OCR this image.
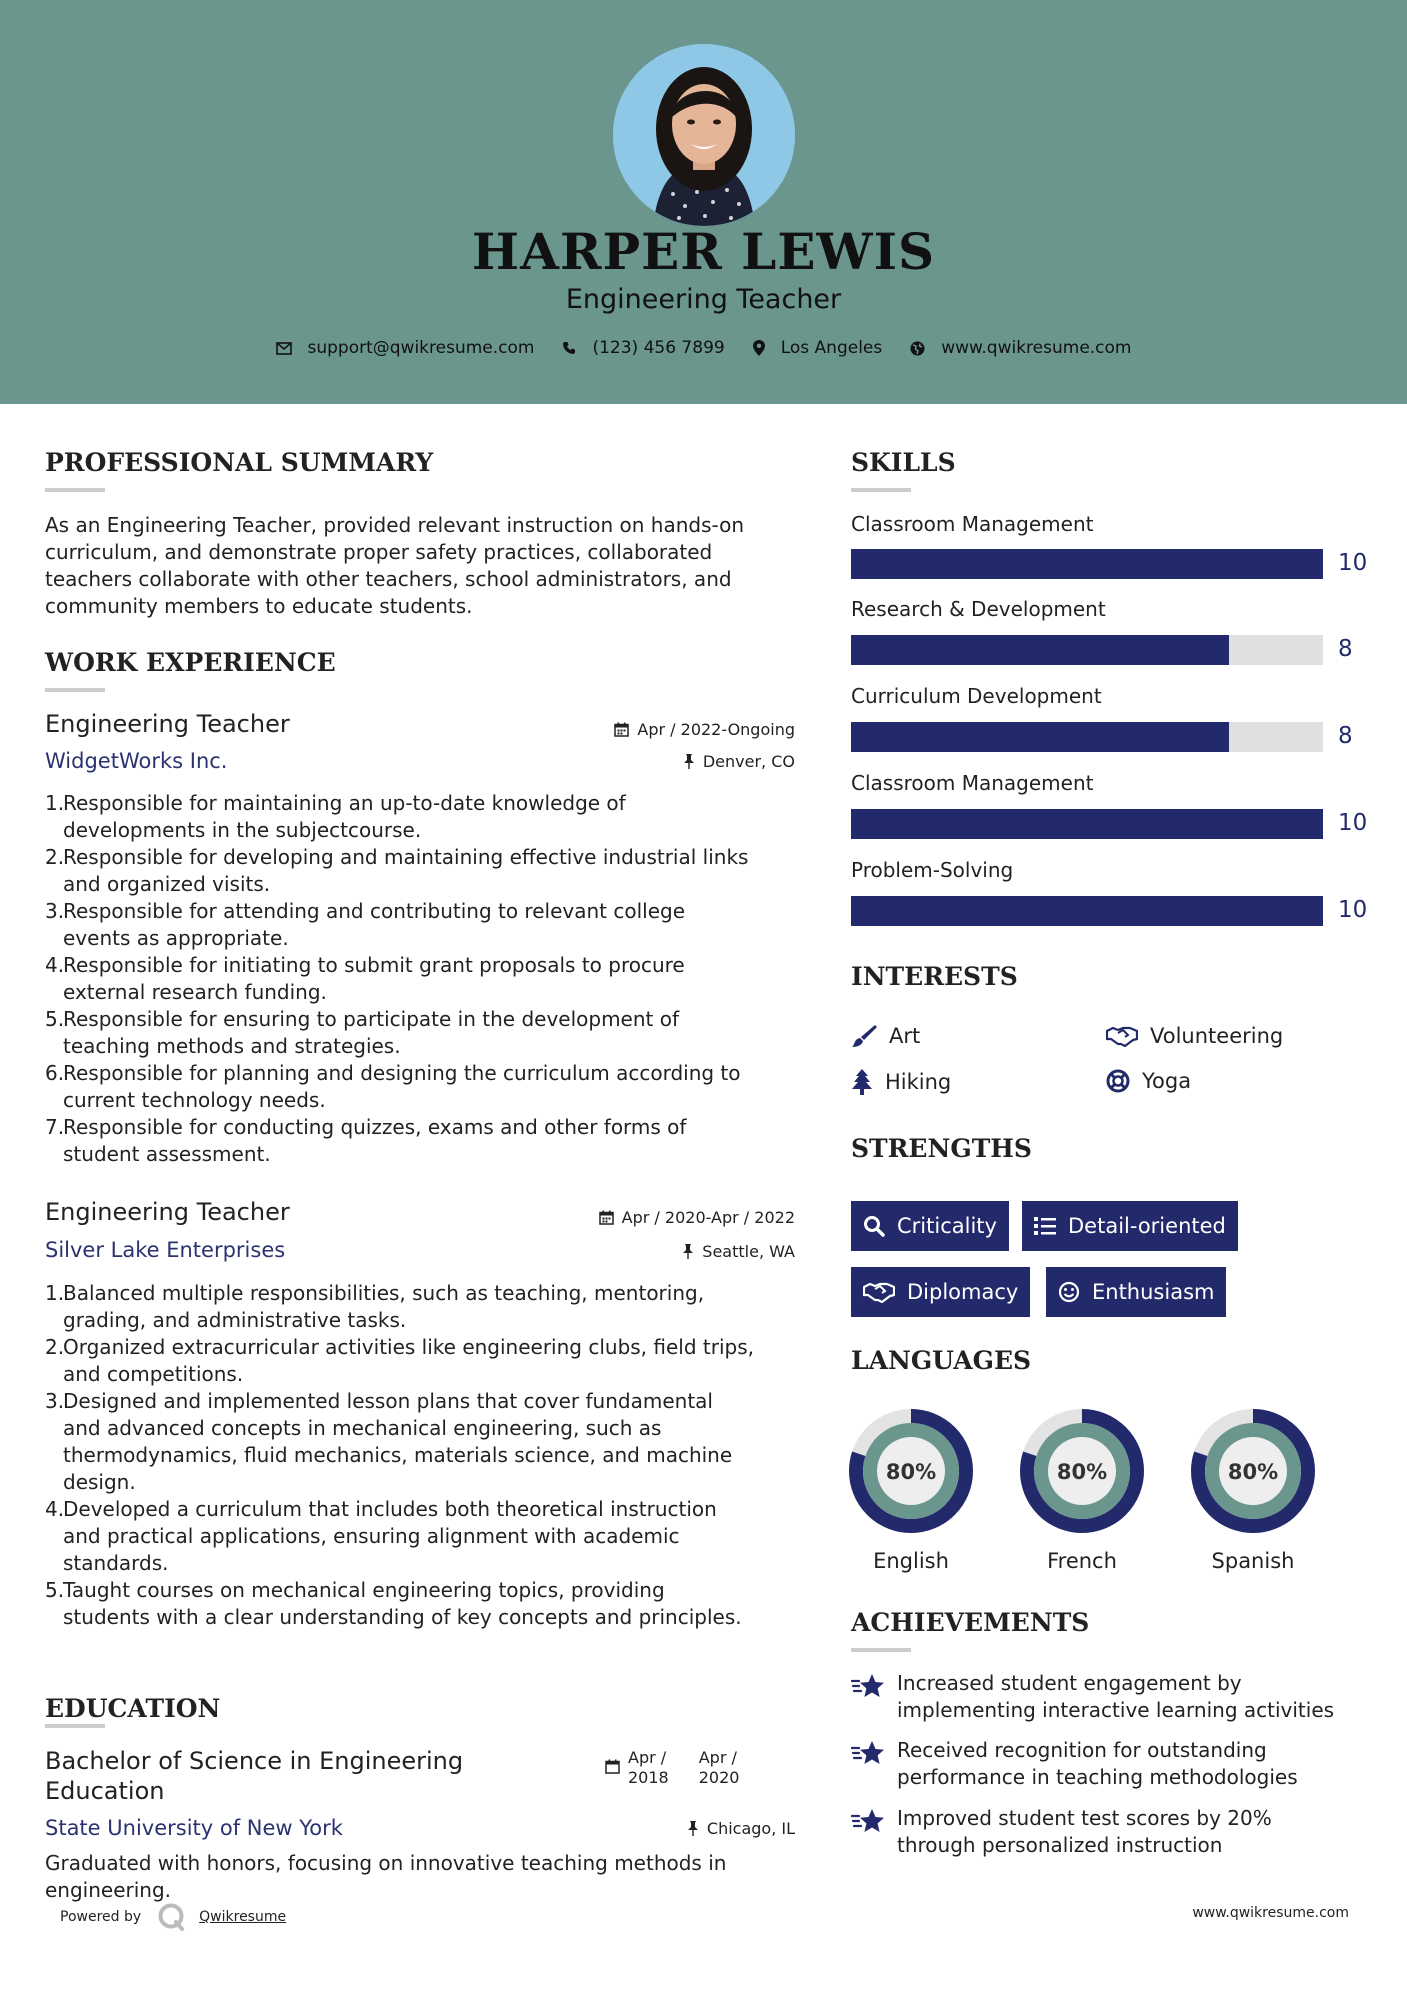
HARPER LEWIS
Engineering Teacher
support@qwikresume.com	(123) 456 7899	Los Angeles	www.qwikresume.com
PROFESSIONAL SUMMARY
As an Engineering Teacher, provided relevant instruction on hands-on
curriculum, and demonstrate proper safety practices, collaborated
teachers collaborate with other teachers, school administrators, and
community members to educate students.
WORK EXPERIENCE
Engineering Teacher	Apr / 2022-Ongoing
WidgetWorks Inc.	Denver, CO
1.
Responsible for maintaining an up-to-date knowledge of
developments in the subjectcourse.
2.
Responsible for developing and maintaining effective industrial links
and organized visits.
3.
Responsible for attending and contributing to relevant college
events as appropriate.
4.
Responsible for initiating to submit grant proposals to procure
external research funding.
5.
Responsible for ensuring to participate in the development of
teaching methods and strategies.
6.
Responsible for planning and designing the curriculum according to
current technology needs.
7.
Responsible for conducting quizzes, exams and other forms of
student assessment.
Engineering Teacher	Apr / 2020-Apr / 2022
Silver Lake Enterprises	Seattle, WA
1.
Balanced multiple responsibilities, such as teaching, mentoring,
grading, and administrative tasks.
2.
Organized extracurricular activities like engineering clubs, field trips,
and competitions.
3.
Designed and implemented lesson plans that cover fundamental
and advanced concepts in mechanical engineering, such as
thermodynamics, fluid mechanics, materials science, and machine
design.
4.
Developed a curriculum that includes both theoretical instruction
and practical applications, ensuring alignment with academic
standards.
5.
Taught courses on mechanical engineering topics, providing
students with a clear understanding of key concepts and principles.
EDUCATION
Bachelor of Science in Engineering
Education
Apr /
2018
Apr /
2020
State University of New York	Chicago, IL
Graduated with honors, focusing on innovative teaching methods in
engineering.
SKILLS
Classroom Management
10
Research & Development
8
Curriculum Development
8
Classroom Management
10
Problem-Solving
10
INTERESTS
Art	Volunteering
Hiking	Yoga
STRENGTHS
Criticality	Detail-oriented
Diplomacy	Enthusiasm
LANGUAGES
80%
English
80%
French
80%
Spanish
ACHIEVEMENTS
Increased student engagement by
implementing interactive learning activities
Received recognition for outstanding
performance in teaching methodologies
Improved student test scores by 20%
through personalized instruction
Powered by	Qwikresume	www.qwikresume.com
